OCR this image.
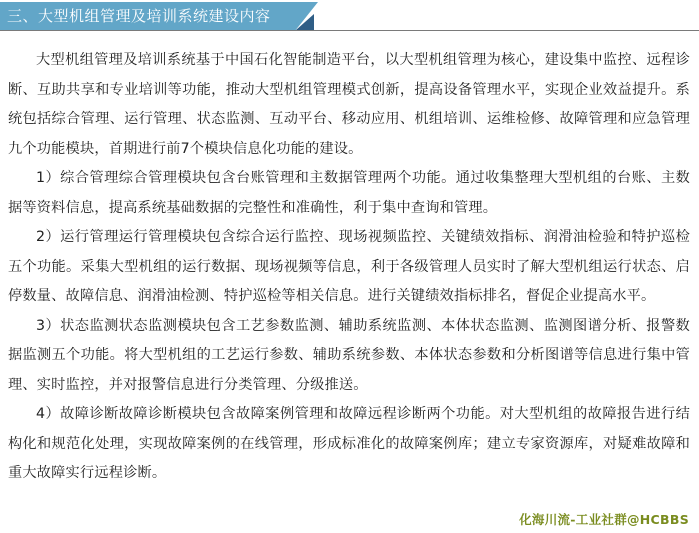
三、大型机组管理及培训系统建设内容

大型机组管理及培训系统基于中国石化智能制造平台，以大型机组管理为核心，建设集中监控、远程诊断、互助共享和专业培训等功能，推动大型机组管理模式创新，提高设备管理水平，实现企业效益提升。系统包括综合管理、运行管理、状态监测、互动平台、移动应用、机组培训、运维检修、故障管理和应急管理九个功能模块，首期进行前7个模块信息化功能的建设。

1）综合管理综合管理模块包含台账管理和主数据管理两个功能。通过收集整理大型机组的台账、主数据等资料信息，提高系统基础数据的完整性和准确性，利于集中查询和管理。

2）运行管理运行管理模块包含综合运行监控、现场视频监控、关键绩效指标、润滑油检验和特护巡检五个功能。采集大型机组的运行数据、现场视频等信息，利于各级管理人员实时了解大型机组运行状态、启停数量、故障信息、润滑油检测、特护巡检等相关信息。进行关键绩效指标排名，督促企业提高水平。

3）状态监测状态监测模块包含工艺参数监测、辅助系统监测、本体状态监测、监测图谱分析、报警数据监测五个功能。将大型机组的工艺运行参数、辅助系统参数、本体状态参数和分析图谱等信息进行集中管理、实时监控，并对报警信息进行分类管理、分级推送。

4）故障诊断故障诊断模块包含故障案例管理和故障远程诊断两个功能。对大型机组的故障报告进行结构化和规范化处理，实现故障案例的在线管理，形成标准化的故障案例库；建立专家资源库，对疑难故障和重大故障实行远程诊断。

化海川流-工业社群@HCBBS
